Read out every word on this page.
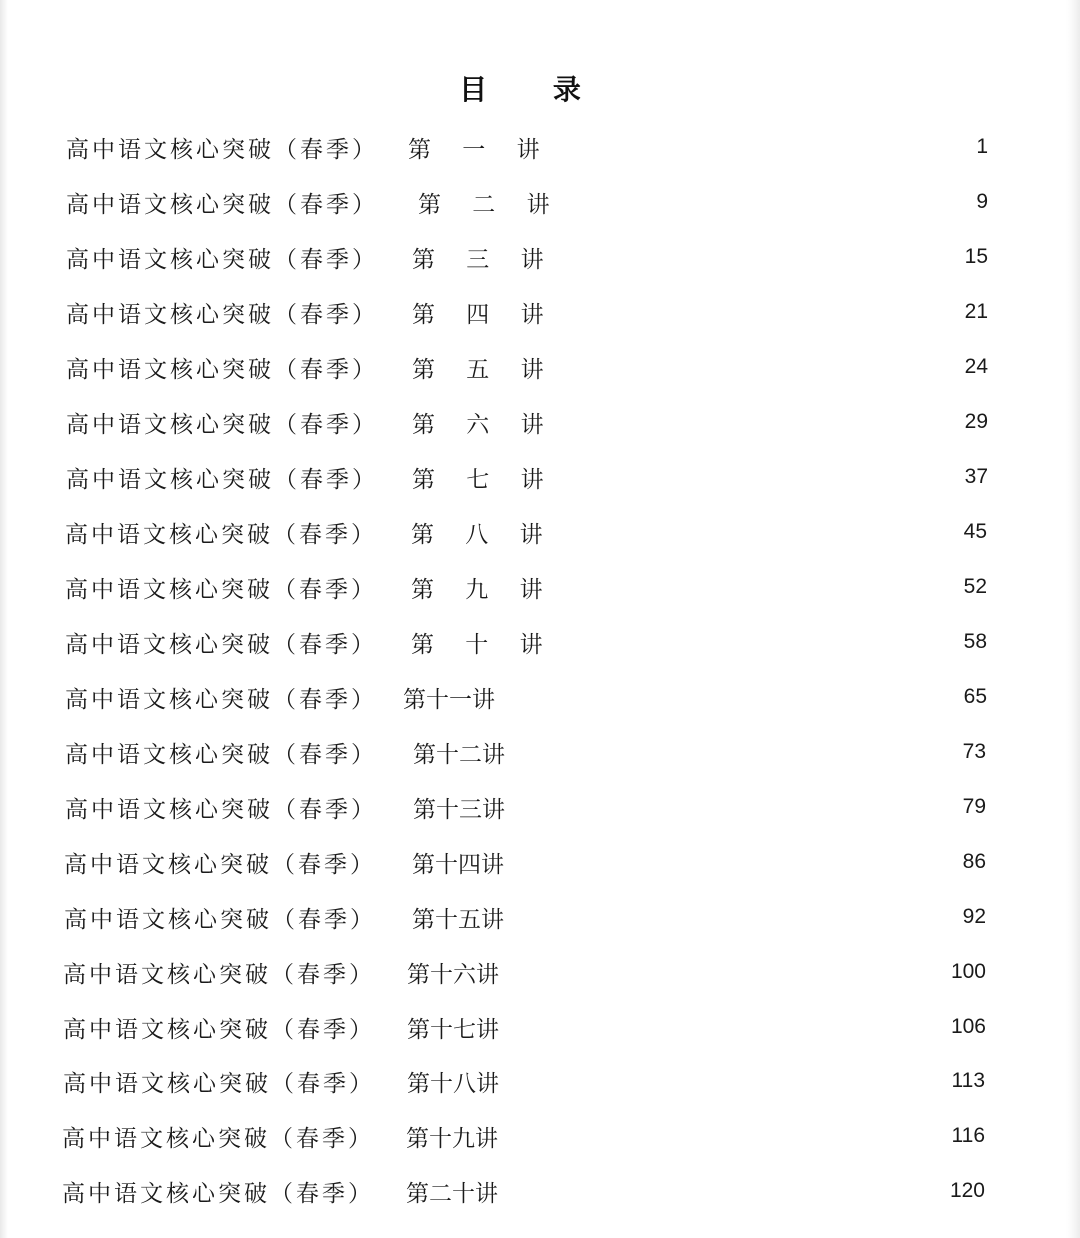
目 录
高中语文核心突破（春季） 第 一 讲	1
高中语文核心突破（春季） 第 二 讲	9
高中语文核心突破（春季） 第 三 讲	15
高中语文核心突破（春季） 第 四 讲	21
高中语文核心突破（春季） 第 五 讲	24
高中语文核心突破（春季） 第 六 讲	29
高中语文核心突破（春季） 第 七 讲	37
高中语文核心突破（春季） 第 八 讲	45
高中语文核心突破（春季） 第 九 讲	52
高中语文核心突破（春季） 第 十 讲	58
高中语文核心突破（春季） 第十一讲	65
高中语文核心突破（春季） 第十二讲	73
高中语文核心突破（春季） 第十三讲	79
高中语文核心突破（春季） 第十四讲	86
高中语文核心突破（春季） 第十五讲	92
高中语文核心突破（春季） 第十六讲	100
高中语文核心突破（春季） 第十七讲	106
高中语文核心突破（春季） 第十八讲	113
高中语文核心突破（春季） 第十九讲	116
高中语文核心突破（春季） 第二十讲	120
